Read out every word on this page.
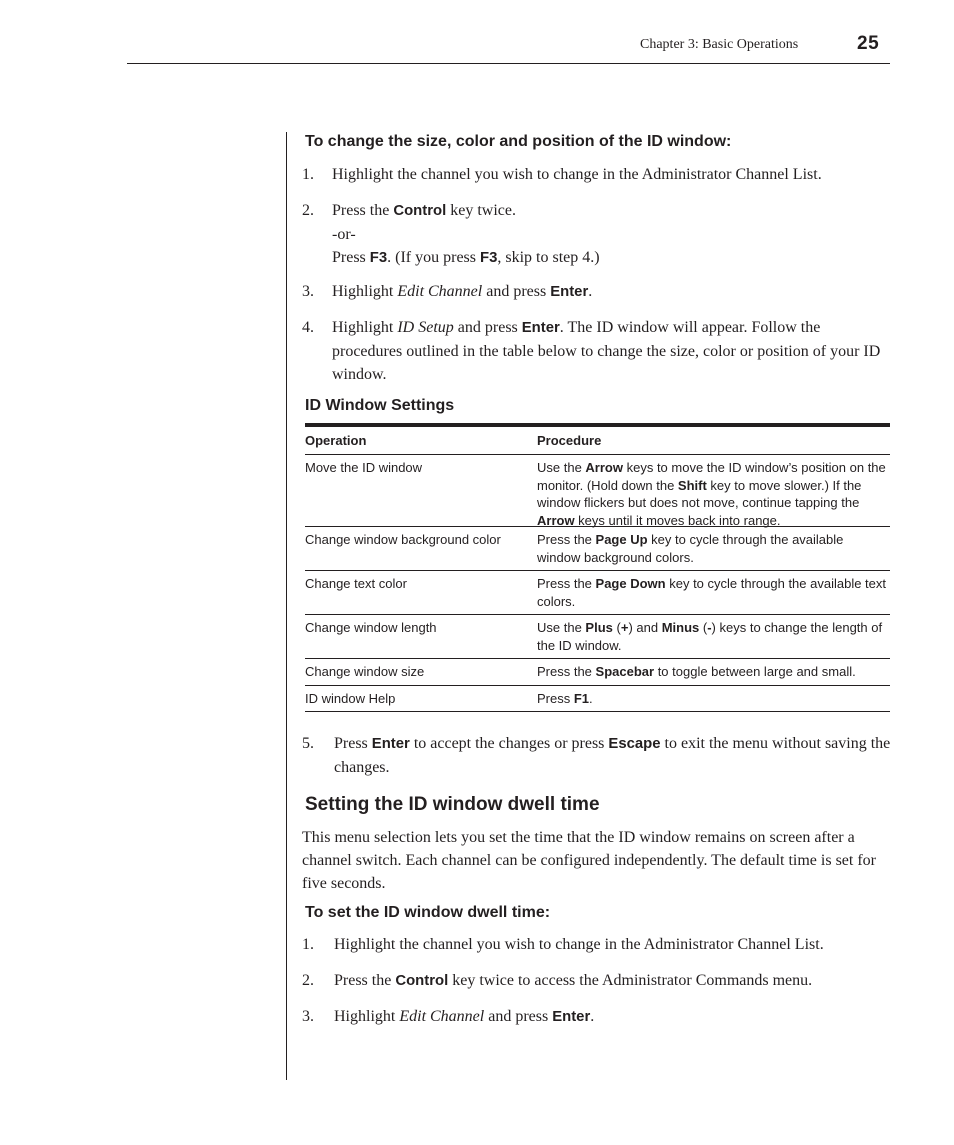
Chapter 3: Basic Operations	25
To change the size, color and position of the ID window:
1. Highlight the channel you wish to change in the Administrator Channel List.
2. Press the Control key twice.
-or-
Press F3. (If you press F3, skip to step 4.)
3. Highlight Edit Channel and press Enter.
4. Highlight ID Setup and press Enter. The ID window will appear. Follow the procedures outlined in the table below to change the size, color or position of your ID window.
ID Window Settings
Operation	Procedure
Move the ID window	Use the Arrow keys to move the ID window’s position on the monitor. (Hold down the Shift key to move slower.) If the window flickers but does not move, continue tapping the Arrow keys until it moves back into range.
Change window background color	Press the Page Up key to cycle through the available window background colors.
Change text color	Press the Page Down key to cycle through the available text colors.
Change window length	Use the Plus (+) and Minus (-) keys to change the length of the ID window.
Change window size	Press the Spacebar to toggle between large and small.
ID window Help	Press F1.
5. Press Enter to accept the changes or press Escape to exit the menu without saving the changes.
Setting the ID window dwell time
This menu selection lets you set the time that the ID window remains on screen after a channel switch. Each channel can be configured independently. The default time is set for five seconds.
To set the ID window dwell time:
1. Highlight the channel you wish to change in the Administrator Channel List.
2. Press the Control key twice to access the Administrator Commands menu.
3. Highlight Edit Channel and press Enter.
